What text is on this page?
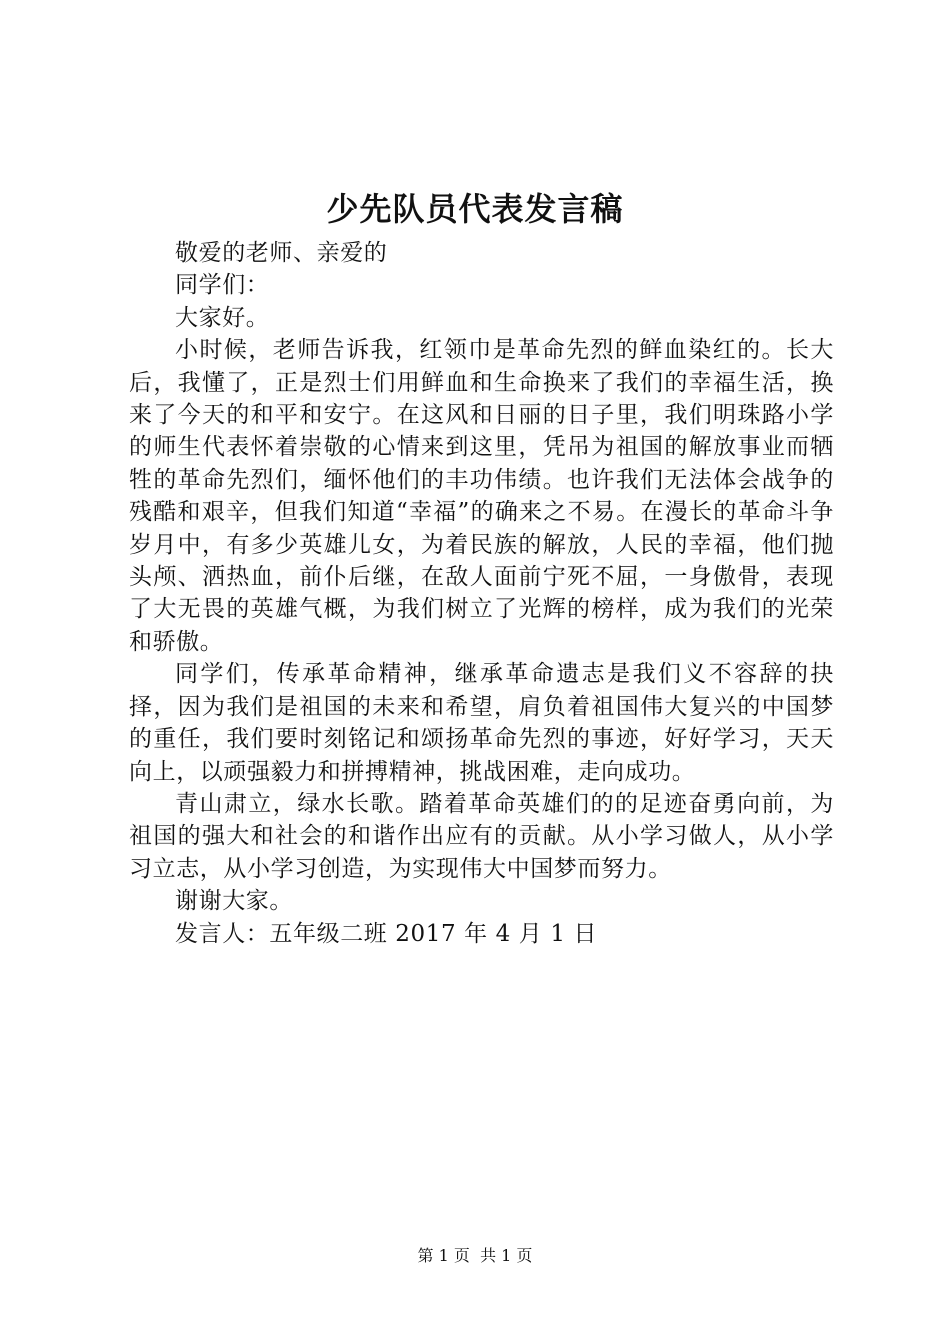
少先队员代表发言稿

敬爱的老师、亲爱的

同学们：

大家好。

小时候，老师告诉我，红领巾是革命先烈的鲜血染红的。长大后，我懂了，正是烈士们用鲜血和生命换来了我们的幸福生活，换来了今天的和平和安宁。在这风和日丽的日子里，我们明珠路小学的师生代表怀着崇敬的心情来到这里，凭吊为祖国的解放事业而牺牲的革命先烈们，缅怀他们的丰功伟绩。也许我们无法体会战争的残酷和艰辛，但我们知道“幸福”的确来之不易。在漫长的革命斗争岁月中，有多少英雄儿女，为着民族的解放，人民的幸福，他们抛头颅、洒热血，前仆后继，在敌人面前宁死不屈，一身傲骨，表现了大无畏的英雄气概，为我们树立了光辉的榜样，成为我们的光荣和骄傲。

同学们，传承革命精神，继承革命遗志是我们义不容辞的抉择，因为我们是祖国的未来和希望，肩负着祖国伟大复兴的中国梦的重任，我们要时刻铭记和颂扬革命先烈的事迹，好好学习，天天向上，以顽强毅力和拼搏精神，挑战困难，走向成功。

青山肃立，绿水长歌。踏着革命英雄们的的足迹奋勇向前，为祖国的强大和社会的和谐作出应有的贡献。从小学习做人，从小学习立志，从小学习创造，为实现伟大中国梦而努力。

谢谢大家。

发言人：五年级二班 2017 年 4 月 1 日

第 1 页  共 1 页
